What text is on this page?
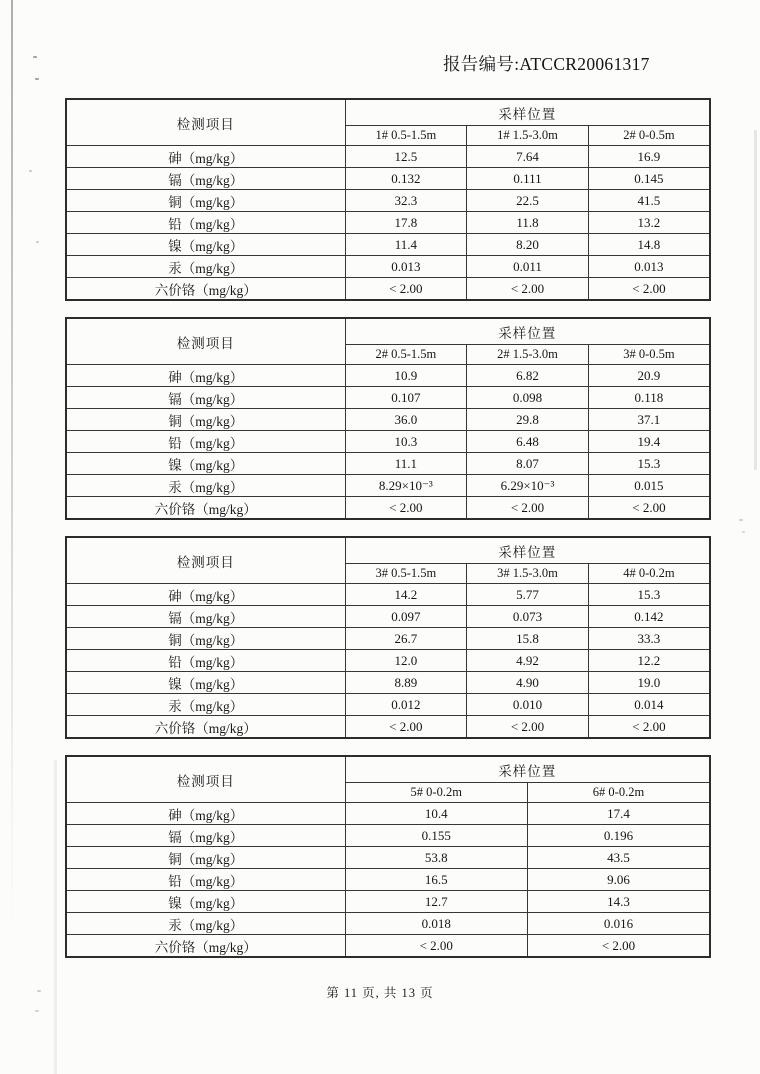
报告编号:ATCCR20061317
检测项目	采样位置		
	1# 0.5-1.5m	1# 1.5-3.0m	2# 0-0.5m
砷（mg/kg）	12.5	7.64	16.9
镉（mg/kg）	0.132	0.111	0.145
铜（mg/kg）	32.3	22.5	41.5
铅（mg/kg）	17.8	11.8	13.2
镍（mg/kg）	11.4	8.20	14.8
汞（mg/kg）	0.013	0.011	0.013
六价铬（mg/kg）	< 2.00	< 2.00	< 2.00
检测项目	采样位置		
	2# 0.5-1.5m	2# 1.5-3.0m	3# 0-0.5m
砷（mg/kg）	10.9	6.82	20.9
镉（mg/kg）	0.107	0.098	0.118
铜（mg/kg）	36.0	29.8	37.1
铅（mg/kg）	10.3	6.48	19.4
镍（mg/kg）	11.1	8.07	15.3
汞（mg/kg）	8.29×10⁻³	6.29×10⁻³	0.015
六价铬（mg/kg）	< 2.00	< 2.00	< 2.00
检测项目	采样位置		
	3# 0.5-1.5m	3# 1.5-3.0m	4# 0-0.2m
砷（mg/kg）	14.2	5.77	15.3
镉（mg/kg）	0.097	0.073	0.142
铜（mg/kg）	26.7	15.8	33.3
铅（mg/kg）	12.0	4.92	12.2
镍（mg/kg）	8.89	4.90	19.0
汞（mg/kg）	0.012	0.010	0.014
六价铬（mg/kg）	< 2.00	< 2.00	< 2.00
检测项目	采样位置	
	5# 0-0.2m	6# 0-0.2m
砷（mg/kg）	10.4	17.4
镉（mg/kg）	0.155	0.196
铜（mg/kg）	53.8	43.5
铅（mg/kg）	16.5	9.06
镍（mg/kg）	12.7	14.3
汞（mg/kg）	0.018	0.016
六价铬（mg/kg）	< 2.00	< 2.00
第 11 页, 共 13 页
